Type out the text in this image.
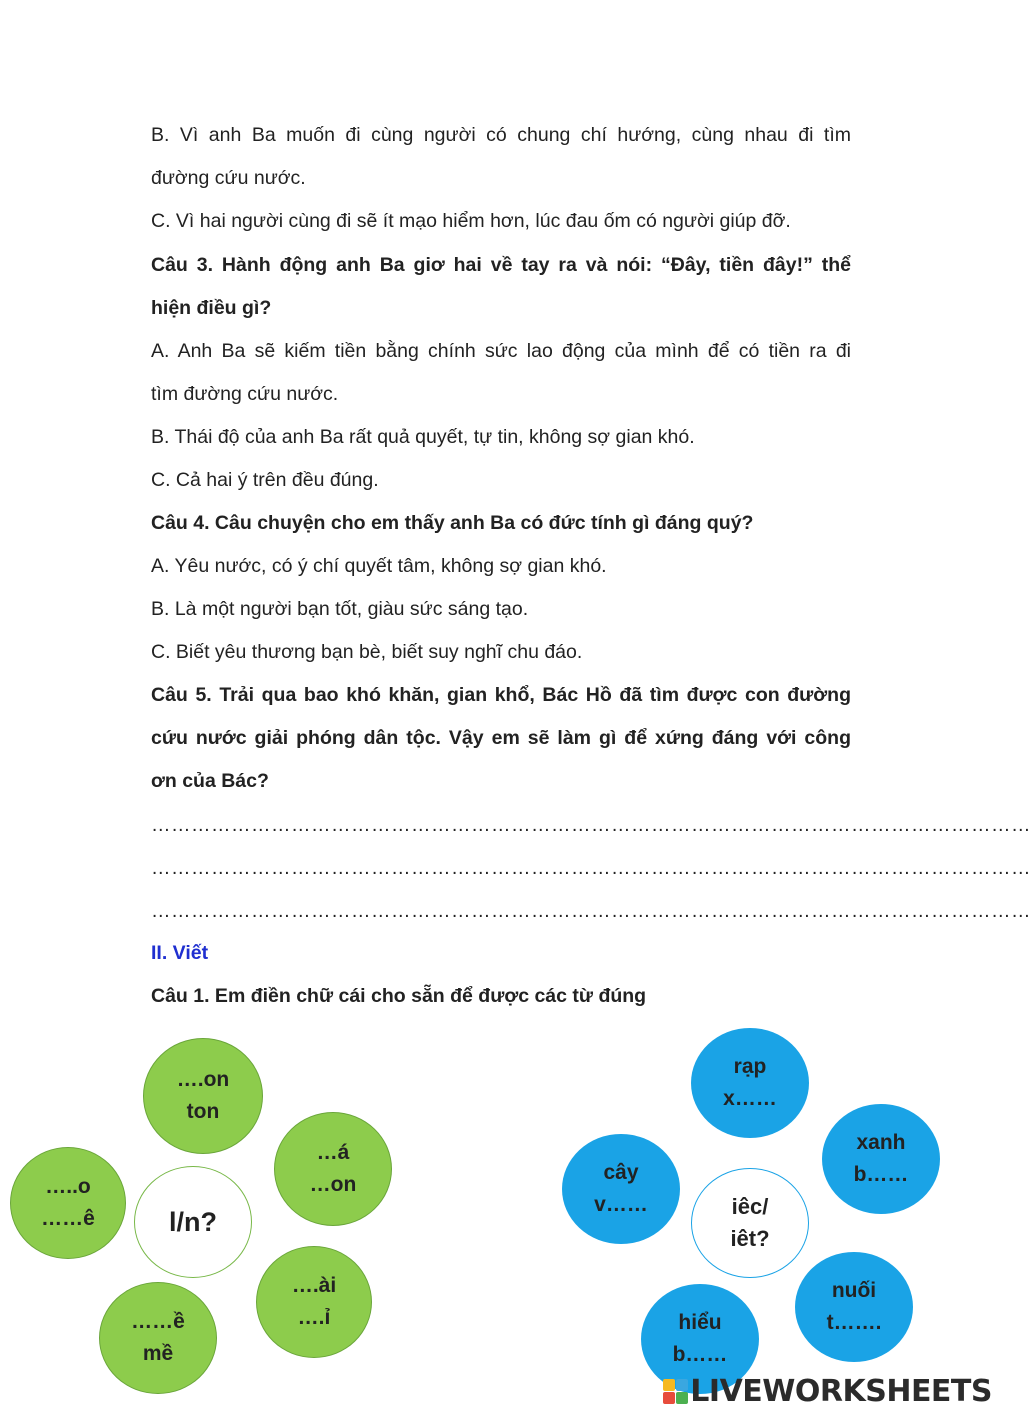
B. Vì anh Ba muốn đi cùng người có chung chí hướng, cùng nhau đi tìm
đường cứu nước.
C. Vì hai người cùng đi sẽ ít mạo hiểm hơn, lúc đau ốm có người giúp đỡ.
Câu 3. Hành động anh Ba giơ hai về tay ra và nói: “Đây, tiền đây!” thể
hiện điều gì?
A. Anh Ba sẽ kiếm tiền bằng chính sức lao động của mình để có tiền ra đi
tìm đường cứu nước.
B. Thái độ của anh Ba rất quả quyết, tự tin, không sợ gian khó.
C. Cả hai ý trên đều đúng.
Câu 4. Câu chuyện cho em thấy anh Ba có đức tính gì đáng quý?
A. Yêu nước, có ý chí quyết tâm, không sợ gian khó.
B. Là một người bạn tốt, giàu sức sáng tạo.
C. Biết yêu thương bạn bè, biết suy nghĩ chu đáo.
Câu 5. Trải qua bao khó khăn, gian khổ, Bác Hồ đã tìm được con đường
cứu nước giải phóng dân tộc. Vậy em sẽ làm gì để xứng đáng với công
ơn của Bác?
……………………………………………………………………………………………………………………
……………………………………………………………………………………………………………………
……………………………………………………………………………………………………………………
II. Viết
Câu 1. Em điền chữ cái cho sẵn để được các từ đúng
….on
ton
…á
…on
…..o
……ê	l/n?
….ài
….ỉ
……ề
mề
rạp
x……
xanh
b……
cây
v……	iêc/
iêt?
nuối
t…….
hiểu
b……
LIVEWORKSHEETS
